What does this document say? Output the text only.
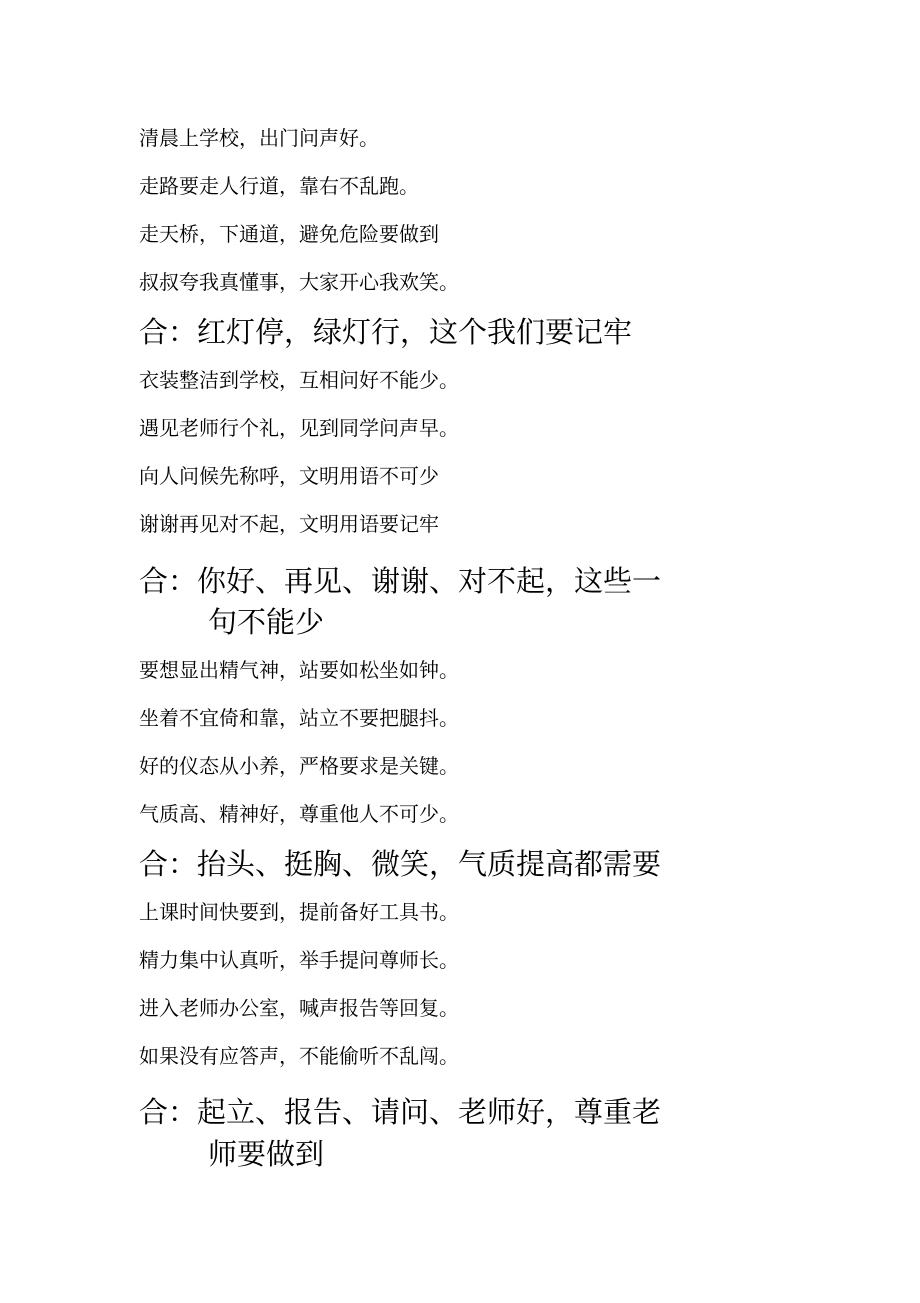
清晨上学校，出门问声好。
走路要走人行道，靠右不乱跑。
走天桥，下通道，避免危险要做到
叔叔夸我真懂事，大家开心我欢笑。
合：红灯停，绿灯行，这个我们要记牢
衣装整洁到学校，互相问好不能少。
遇见老师行个礼，见到同学问声早。
向人问候先称呼，文明用语不可少
谢谢再见对不起，文明用语要记牢
合：你好、再见、谢谢、对不起，这些一
句不能少
要想显出精气神，站要如松坐如钟。
坐着不宜倚和靠，站立不要把腿抖。
好的仪态从小养，严格要求是关键。
气质高、精神好，尊重他人不可少。
合：抬头、挺胸、微笑，气质提高都需要
上课时间快要到，提前备好工具书。
精力集中认真听，举手提问尊师长。
进入老师办公室，喊声报告等回复。
如果没有应答声，不能偷听不乱闯。
合：起立、报告、请问、老师好，尊重老
师要做到
